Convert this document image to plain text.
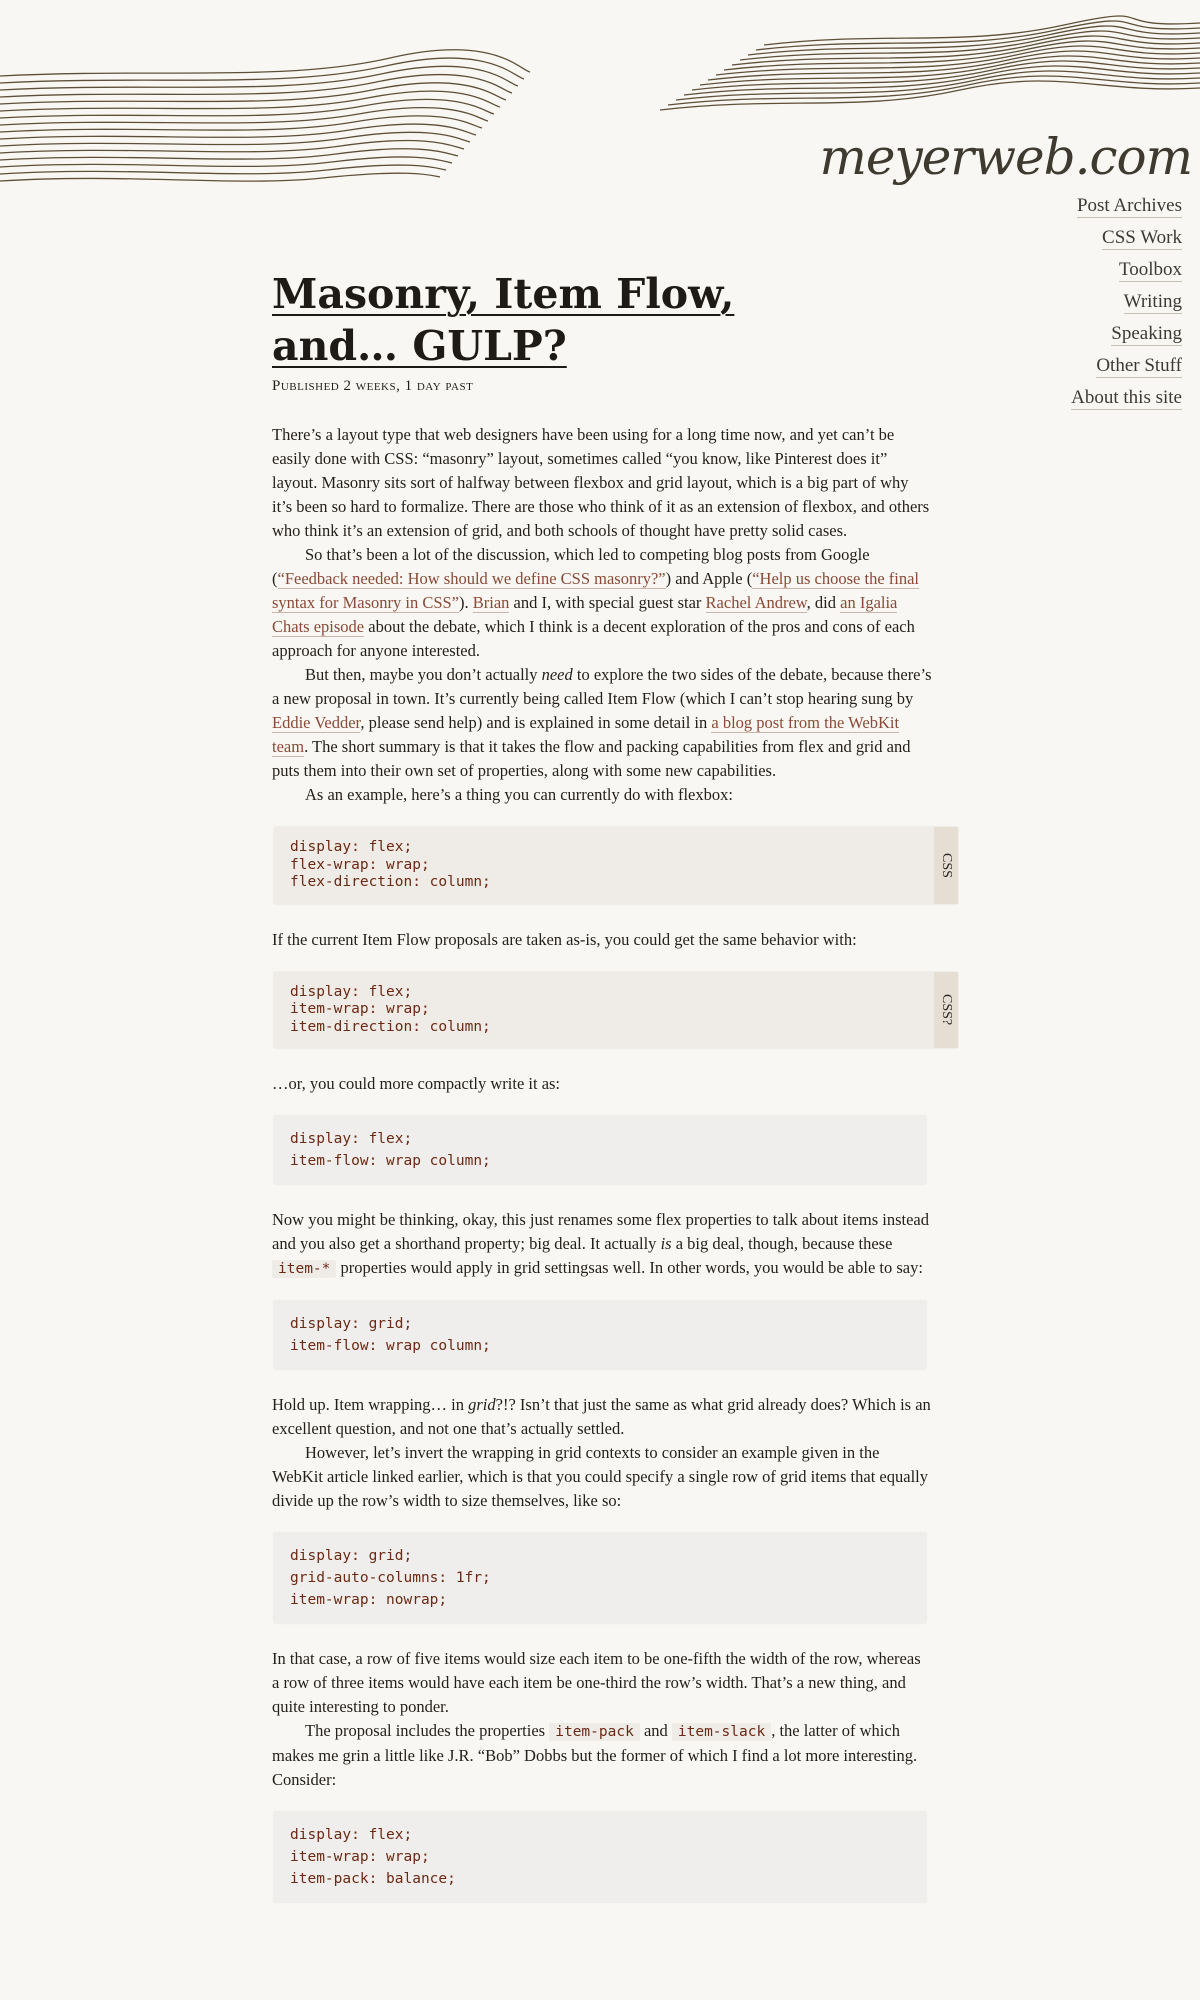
meyerweb.com
Post Archives
CSS Work
Toolbox
Writing
Speaking
Other Stuff
About this site
Masonry, Item Flow, and… GULP?
Published 2 weeks, 1 day past

There’s a layout type that web designers have been using for a long time now, and yet can’t be easily done with CSS: “masonry” layout, sometimes called “you know, like Pinterest does it” layout. Masonry sits sort of halfway between flexbox and grid layout, which is a big part of why it’s been so hard to formalize. There are those who think of it as an extension of flexbox, and others who think it’s an extension of grid, and both schools of thought have pretty solid cases.

So that’s been a lot of the discussion, which led to competing blog posts from Google (“Feedback needed: How should we define CSS masonry?”) and Apple (“Help us choose the final syntax for Masonry in CSS”). Brian and I, with special guest star Rachel Andrew, did an Igalia Chats episode about the debate, which I think is a decent exploration of the pros and cons of each approach for anyone interested.

But then, maybe you don’t actually need to explore the two sides of the debate, because there’s a new proposal in town. It’s currently being called Item Flow (which I can’t stop hearing sung by Eddie Vedder, please send help) and is explained in some detail in a blog post from the WebKit team. The short summary is that it takes the flow and packing capabilities from flex and grid and puts them into their own set of properties, along with some new capabilities.

As an example, here’s a thing you can currently do with flexbox:

display: flex;
flex-wrap: wrap;
flex-direction: column;
CSS

If the current Item Flow proposals are taken as-is, you could get the same behavior with:

display: flex;
item-wrap: wrap;
item-direction: column;
CSS?

…or, you could more compactly write it as:

display: flex;
item-flow: wrap column;

Now you might be thinking, okay, this just renames some flex properties to talk about items instead and you also get a shorthand property; big deal. It actually is a big deal, though, because these item-* properties would apply in grid settingsas well. In other words, you would be able to say:

display: grid;
item-flow: wrap column;

Hold up. Item wrapping… in grid?!? Isn’t that just the same as what grid already does? Which is an excellent question, and not one that’s actually settled.

However, let’s invert the wrapping in grid contexts to consider an example given in the WebKit article linked earlier, which is that you could specify a single row of grid items that equally divide up the row’s width to size themselves, like so:

display: grid;
grid-auto-columns: 1fr;
item-wrap: nowrap;

In that case, a row of five items would size each item to be one-fifth the width of the row, whereas a row of three items would have each item be one-third the row’s width. That’s a new thing, and quite interesting to ponder.

The proposal includes the properties item-pack and item-slack , the latter of which makes me grin a little like J.R. “Bob” Dobbs but the former of which I find a lot more interesting. Consider:

display: flex;
item-wrap: wrap;
item-pack: balance;
